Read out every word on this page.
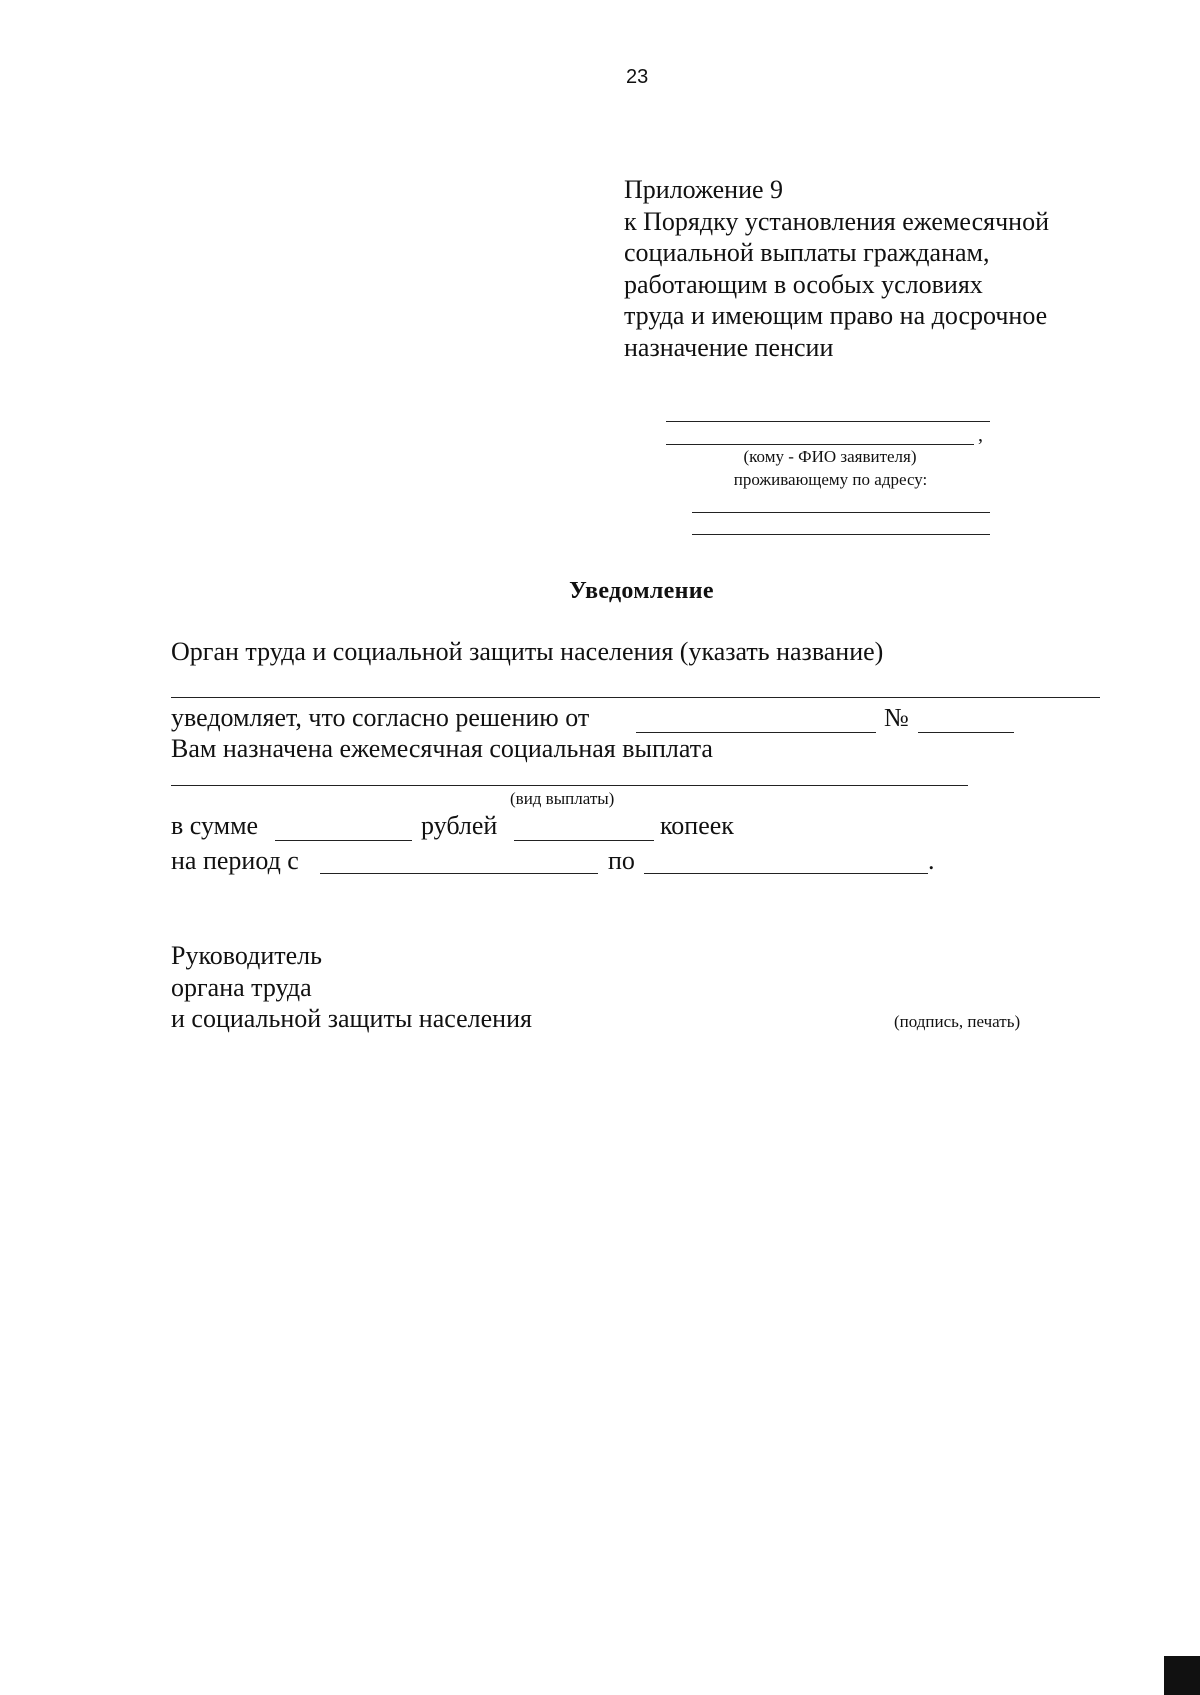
23
Приложение 9
к Порядку установления ежемесячной
социальной выплаты гражданам,
работающим в особых условиях
труда и имеющим право на досрочное
назначение пенсии
,
(кому - ФИО заявителя)
проживающему по адресу:
Уведомление
Орган труда и социальной защиты населения (указать название)
уведомляет, что согласно решению от	№
Вам назначена ежемесячная социальная выплата
(вид выплаты)
в сумме	рублей	копеек
на период с	по	.
Руководитель
органа труда
и социальной защиты населения	(подпись, печать)
